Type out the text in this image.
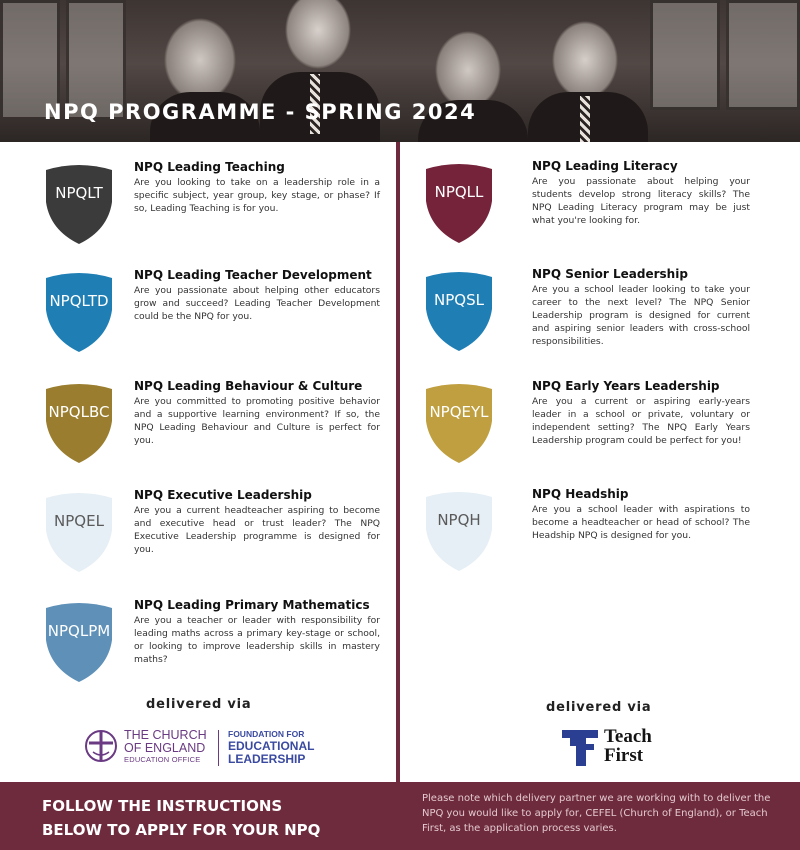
NPQ PROGRAMME - SPRING 2024
NPQLT
NPQ Leading Teaching
Are you looking to take on a leadership role in a specific subject, year group, key stage, or phase? If so, Leading Teaching is for you.
NPQLTD
NPQ Leading Teacher Development
Are you passionate about helping other educators grow and succeed? Leading Teacher Development could be the NPQ for you.
NPQLBC
NPQ Leading Behaviour & Culture
Are you committed to promoting positive behavior and a supportive learning environment? If so, the NPQ Leading Behaviour and Culture is perfect for you.
NPQEL
NPQ Executive Leadership
Are you a current headteacher aspiring to become and executive head or trust leader? The NPQ Executive Leadership programme is designed for you.
NPQLPM
NPQ Leading Primary Mathematics
Are you a teacher or leader with responsibility for leading maths across a primary key-stage or school, or looking to improve leadership skills in mastery maths?
NPQLL
NPQ Leading Literacy
Are you passionate about helping your students develop strong literacy skills? The NPQ Leading Literacy program may be just what you're looking for.
NPQSL
NPQ Senior Leadership
Are you a school leader looking to take your career to the next level? The NPQ Senior Leadership program is designed for current and aspiring senior leaders with cross-school responsibilities.
NPQEYL
NPQ Early Years Leadership
Are you a current or aspiring early-years leader in a school or private, voluntary or independent setting? The NPQ Early Years Leadership program could be perfect for you!
NPQH
NPQ Headship
Are you a school leader with aspirations to become a headteacher or head of school? The Headship NPQ is designed for you.
delivered via	delivered via
THE CHURCH
OF ENGLAND
EDUCATION OFFICE
FOUNDATION FOR
EDUCATIONAL
LEADERSHIP
Teach
First
FOLLOW THE INSTRUCTIONS
BELOW TO APPLY FOR YOUR NPQ
Please note which delivery partner we are working with to deliver the NPQ you would like to apply for, CEFEL (Church of England), or Teach First, as the application process varies.
